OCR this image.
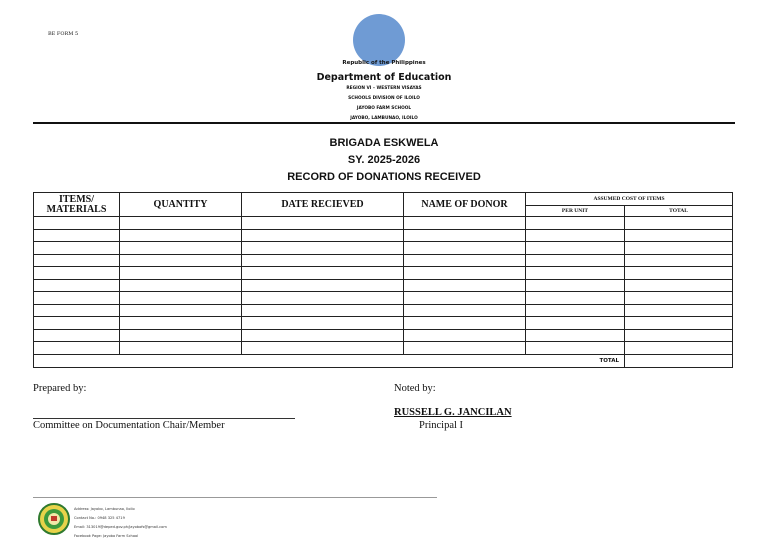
BE FORM 5
Republic of the Philippines
Department of Education
REGION VI – WESTERN VISAYAS
SCHOOLS DIVISION OF ILOILO
JAYOBO FARM SCHOOL
JAYOBO, LAMBUNAO, ILOILO
BRIGADA ESKWELA
SY. 2025-2026
RECORD OF DONATIONS RECEIVED
ITEMS/ MATERIALS	QUANTITY	DATE RECIEVED	NAME OF DONOR	ASSUMED COST OF ITEMS	
				PER UNIT	TOTAL

TOTAL					
Prepared by:	Noted by:
Committee on Documentation Chair/Member
RUSSELL G. JANCILAN
Principal I
Address: Jayobo, Lambunao, Iloilo
Contact No.: 0948 325 4719
Email: 313019@deped.gov.ph/jayobofs@gmail.com
Facebook Page: Jayobo Farm School
